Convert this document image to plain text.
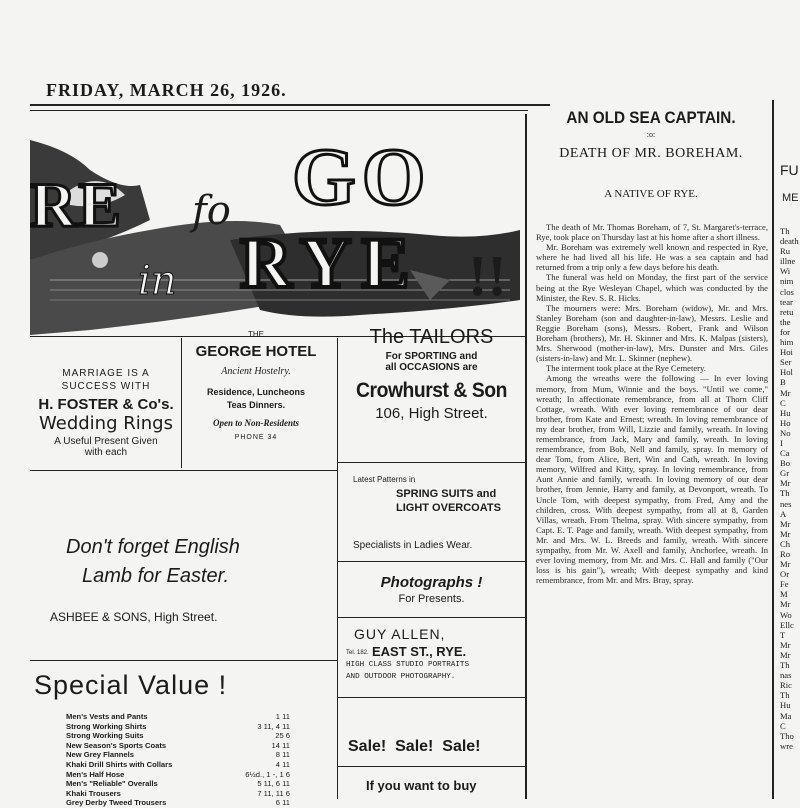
FRIDAY, MARCH 26, 1926.
RE fo GO
in RYE !!
MARRIAGE IS A
SUCCESS WITH
H. FOSTER & Co's.
Wedding Rings
A Useful Present Given
with each
THE
GEORGE HOTEL
Ancient Hostelry.
Residence, Luncheons
Teas Dinners.
Open to Non-Residents
PHONE 34
The TAILORS
For SPORTING and
all OCCASIONS are
Crowhurst & Son
106, High Street.
Latest Patterns in
SPRING SUITS and
LIGHT OVERCOATS
Specialists in Ladies Wear.
Don't forget English
Lamb for Easter.
ASHBEE & SONS, High Street.
Special Value !
Men's Vests and Pants	1 11
Strong Working Shirts	3 11, 4 11
Strong Working Suits	25 6
New Season's Sports Coats	14 11
New Grey Flannels	8 11
Khaki Drill Shirts with Collars	4 11
Men's Half Hose	6½d., 1 -, 1 6
Men's "Reliable" Overalls	5 11, 6 11
Khaki Trousers	7 11, 11 6
Grey Derby Tweed Trousers	6 11
Photographs !
For Presents.
GUY ALLEN,
Tel. 182. EAST ST., RYE.
HIGH CLASS STUDIO PORTRAITS
AND OUTDOOR PHOTOGRAPHY.
Sale!  Sale!  Sale!
If you want to buy
AN OLD SEA CAPTAIN.
:o:
DEATH OF MR. BOREHAM.
A NATIVE OF RYE.

The death of Mr. Thomas Boreham, of 7, St. Margaret's-terrace, Rye, took place on Thursday last at his home after a short illness.

Mr. Boreham was extremely well known and respected in Rye, where he had lived all his life. He was a sea captain and had returned from a trip only a few days before his death.

The funeral was held on Monday, the first part of the service being at the Rye Wesleyan Chapel, which was conducted by the Minister, the Rev. S. R. Hicks.

The mourners were: Mrs. Boreham (widow), Mr. and Mrs. Stanley Boreham (son and daughter-in-law), Messrs. Leslie and Reggie Boreham (sons), Messrs. Robert, Frank and Wilson Boreham (brothers), Mr. H. Skinner and Mrs. K. Malpas (sisters), Mrs. Sherwood (mother-in-law), Mrs. Dunster and Mrs. Giles (sisters-in-law) and Mr. L. Skinner (nephew).

The interment took place at the Rye Cemetery.

Among the wreaths were the following — In ever loving memory, from Mum, Winnie and the boys. "Until we come," wreath; In affectionate remembrance, from all at Thorn Cliff Cottage, wreath. With ever loving remembrance of our dear brother, from Kate and Ernest; wreath. In loving remembrance of my dear brother, from Will, Lizzie and family, wreath. In loving remembrance, from Jack, Mary and family, wreath. In loving remembrance, from Bob, Nell and family, spray. In memory of dear Tom, from Alice, Bert, Win and Cath, wreath. In loving memory, Wilfred and Kitty, spray. In loving remembrance, from Aunt Annie and family, wreath. In loving memory of our dear brother, from Jennie, Harry and family, at Devonport, wreath. To Uncle Tom, with deepest sympathy, from Fred, Amy and the children, cross. With deepest sympathy, from all at 8, Garden Villas, wreath. From Thelma, spray. With sincere sympathy, from Capt. E. T. Page and family, wreath. With deepest sympathy, from Mr. and Mrs. W. L. Breeds and family, wreath. With sincere sympathy, from Mr. W. Axell and family, Anchorlee, wreath. In ever loving memory, from Mr. and Mrs. C. Hall and family ("Our loss is his gain"), wreath; With deepest sympathy and kind remembrance, from Mr. and Mrs. Bray, spray.

FU
ME
Th
death
Ru
illne
Wi
nim
clos
tear
retu
the
for
him
Hoi
Ser
Hol
B
Mr
C
Hu
Ho
No
I
Ca
Bo
Gr
Mr
Th
nes
A
Mr
Mr
Ch
Ro
Mr
Or
Fe
M
Mr
Wo
Ellc
T
Mr
Mr
Th
nas
Ric
Th
Hu
Ma
C
Tho
wre
